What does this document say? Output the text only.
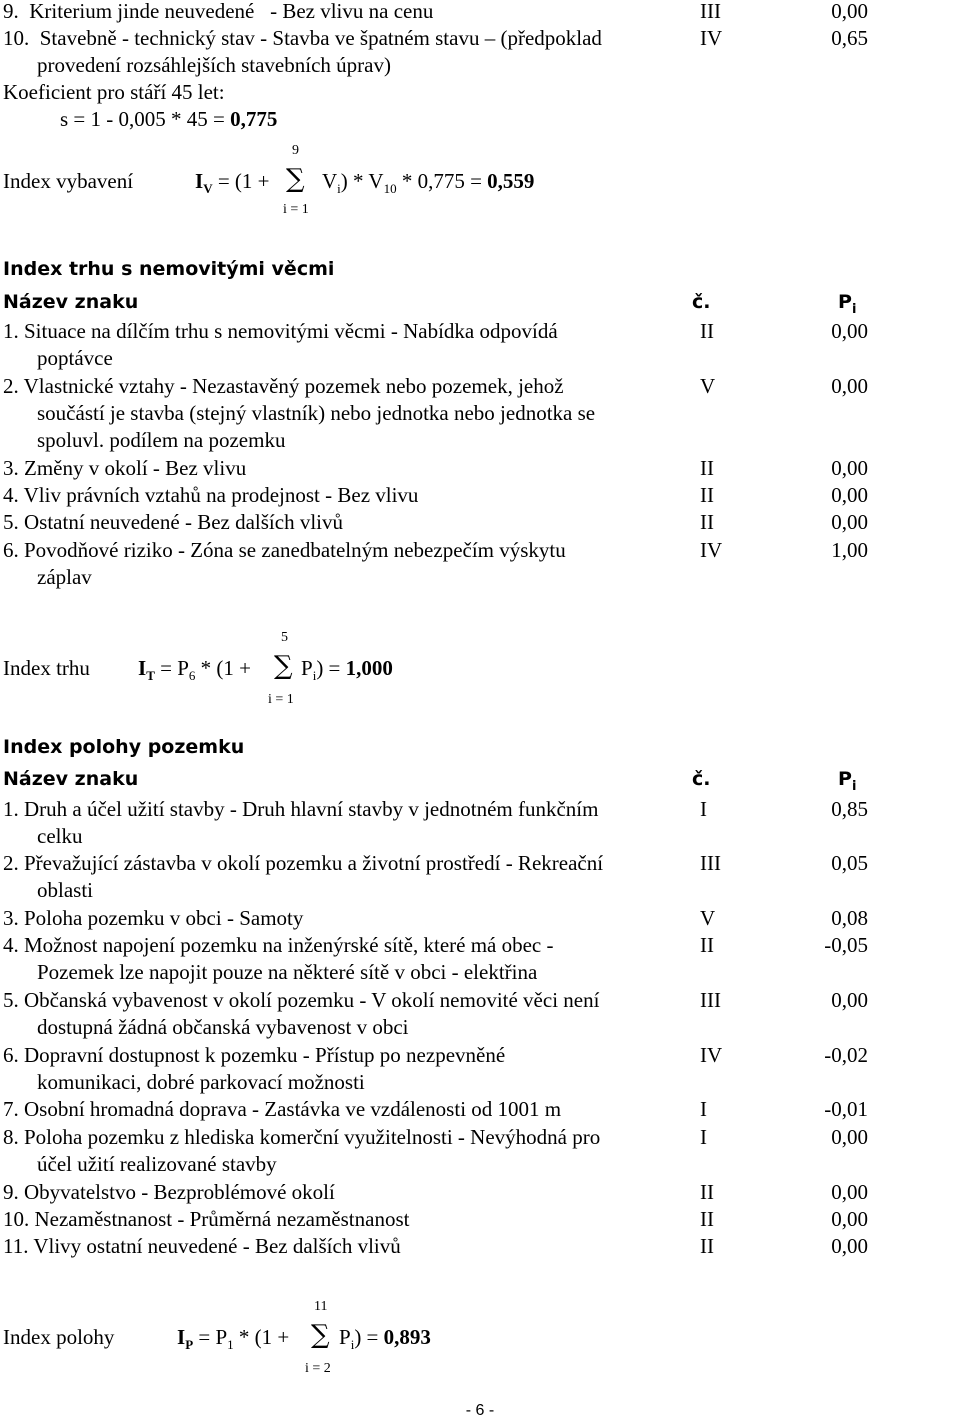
9.  Kriterium jinde neuvedené   - Bez vlivu na cenu	III	0,00
10.  Stavebně - technický stav - Stavba ve špatném stavu – (předpoklad
provedení rozsáhlejších stavebních úprav)
IV	0,65
Koeficient pro stáří 45 let:
s = 1 - 0,005 * 45 = 0,775
Index vybavení
9
∑
i = 1
$I_V = (1 + V_i) * V_{10} * 0,775 = 0,559$
Index trhu s nemovitými věcmi
Název znaku	č.	$P_i$
1. Situace na dílčím trhu s nemovitými věcmi - Nabídka odpovídá
poptávce
II	0,00
2. Vlastnické vztahy - Nezastavěný pozemek nebo pozemek, jehož
součástí je stavba (stejný vlastník) nebo jednotka nebo jednotka se
spoluvl. podílem na pozemku
V	0,00
3. Změny v okolí - Bez vlivu	II	0,00
4. Vliv právních vztahů na prodejnost - Bez vlivu	II	0,00
5. Ostatní neuvedené - Bez dalších vlivů	II	0,00
6. Povodňové riziko - Zóna se zanedbatelným nebezpečím výskytu
záplav
IV	1,00
Index trhu
5
∑
i = 1
$I_T = P_6 * (1 + P_i) = 1,000$
Index polohy pozemku
Název znaku	č.	$P_i$
1. Druh a účel užití stavby - Druh hlavní stavby v jednotném funkčním
celku
I	0,85
2. Převažující zástavba v okolí pozemku a životní prostředí - Rekreační
oblasti
III	0,05
3. Poloha pozemku v obci - Samoty	V	0,08
4. Možnost napojení pozemku na inženýrské sítě, které má obec -
Pozemek lze napojit pouze na některé sítě v obci - elektřina
II	-0,05
5. Občanská vybavenost v okolí pozemku - V okolí nemovité věci není
dostupná žádná občanská vybavenost v obci
III	0,00
6. Dopravní dostupnost k pozemku - Přístup po nezpevněné
komunikaci, dobré parkovací možnosti
IV	-0,02
7. Osobní hromadná doprava - Zastávka ve vzdálenosti od 1001 m	I	-0,01
8. Poloha pozemku z hlediska komerční využitelnosti - Nevýhodná pro
účel užití realizované stavby
I	0,00
9. Obyvatelstvo - Bezproblémové okolí	II	0,00
10. Nezaměstnanost - Průměrná nezaměstnanost	II	0,00
11. Vlivy ostatní neuvedené - Bez dalších vlivů	II	0,00
Index polohy
11
∑
i = 2
$I_P = P_1 * (1 + P_i) = 0,893$
- 6 -
